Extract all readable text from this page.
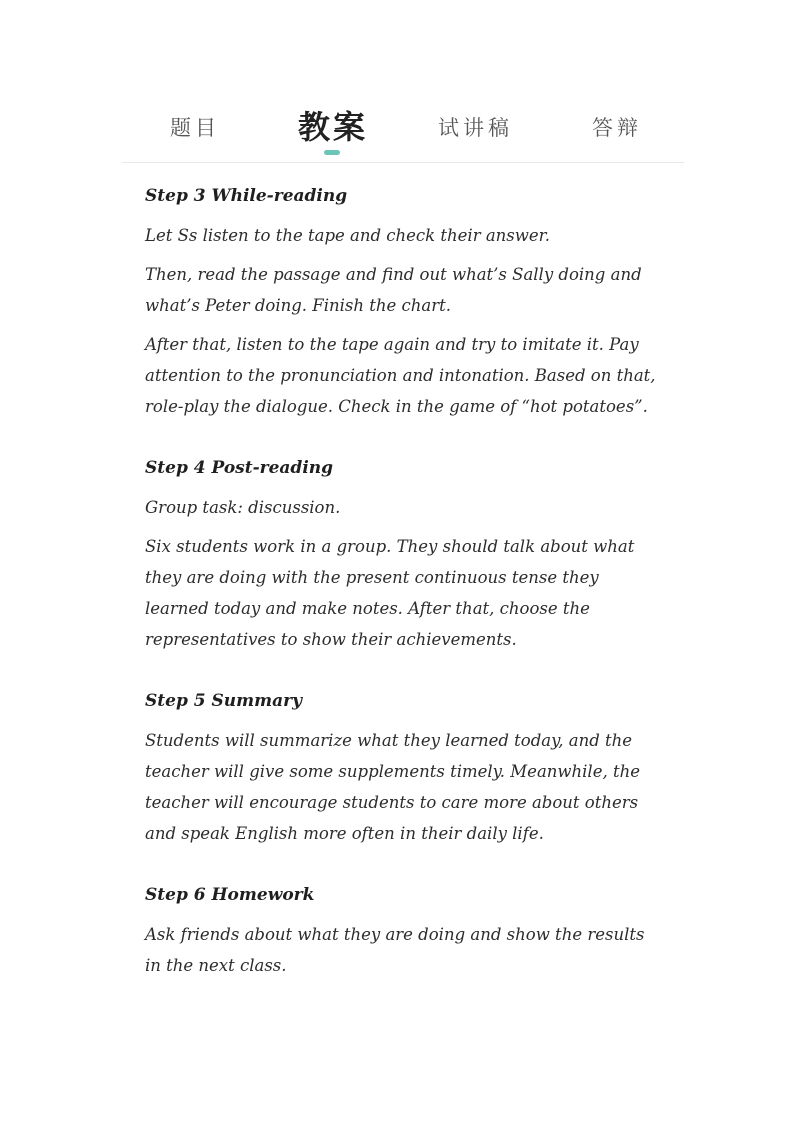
题目 教案	试讲稿	答辩

Step 3 While-reading

Let Ss listen to the tape and check their answer.

Then, read the passage and find out what’s Sally doing and what’s Peter doing. Finish the chart.

After that, listen to the tape again and try to imitate it. Pay attention to the pronunciation and intonation. Based on that, role-play the dialogue. Check in the game of “hot potatoes”.

Step 4 Post-reading

Group task: discussion.

Six students work in a group. They should talk about what they are doing with the present continuous tense they learned today and make notes. After that, choose the representatives to show their achievements.

Step 5 Summary

Students will summarize what they learned today, and the teacher will give some supplements timely. Meanwhile, the teacher will encourage students to care more about others and speak English more often in their daily life.

Step 6 Homework

Ask friends about what they are doing and show the results in the next class.
